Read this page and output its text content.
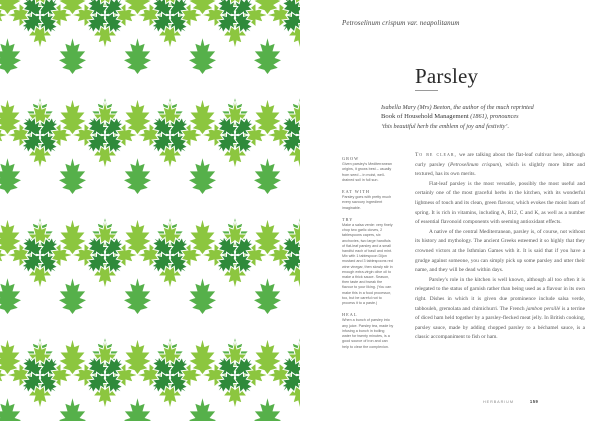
Petroselinum crispum var. neapolitanum
Parsley
Isabella Mary (Mrs) Beeton, the author of the much reprinted
Book of Household Management (1861), pronounces
‘this beautiful herb the emblem of joy and festivity’.
GROW
Given parsley's Mediterranean origins, it grows best – usually from seed – in moist, well-drained soil in full sun.
EAT WITH
Parsley goes with pretty much every savoury ingredient imaginable.
TRY
Make a salsa verde: very finely chop two garlic cloves, 2 tablespoons capers, six anchovies, two large handfuls of flat-leaf parsley and a small handful each of basil and mint. Mix with 1 tablespoon Dijon mustard and 3 tablespoons red wine vinegar, then slowly stir in enough extra-virgin olive oil to make a thick sauce. Season, then taste and tweak the flavour to your liking. (You can make this in a food processor, too, but be careful not to process it to a paste.)
HEAL
When a bunch of parsley into any juice. Parsley tea, made by infusing a bunch in boiling water for twenty minutes, is a good source of iron and can help to clear the complexion.

To be clear, we are talking about the flat-leaf cultivar here, although curly parsley (Petroselinum crispum), which is slightly more bitter and textured, has its own merits.

Flat-leaf parsley is the most versatile, possibly the most useful and certainly one of the most graceful herbs in the kitchen, with its wonderful lightness of touch and its clean, green flavour, which evokes the moist loam of spring. It is rich in vitamins, including A, B12, C and K, as well as a number of essential flavonoid components with seeming antioxidant effects.

A native of the central Mediterranean, parsley is, of course, not without its history and mythology. The ancient Greeks esteemed it so highly that they crowned victors at the Isthmian Games with it. It is said that if you have a grudge against someone, you can simply pick up some parsley and utter their name, and they will be dead within days.

Parsley's role in the kitchen is well known, although all too often it is relegated to the status of garnish rather than being used as a flavour in its own right. Dishes in which it is given due prominence include salsa verde, tabbouleh, gremolata and chimichurri. The French jambon persillé is a terrine of diced ham held together by a parsley-flecked meat jelly. In British cooking, parsley sauce, made by adding chopped parsley to a béchamel sauce, is a classic accompaniment to fish or ham.

HERBARIUM	159
